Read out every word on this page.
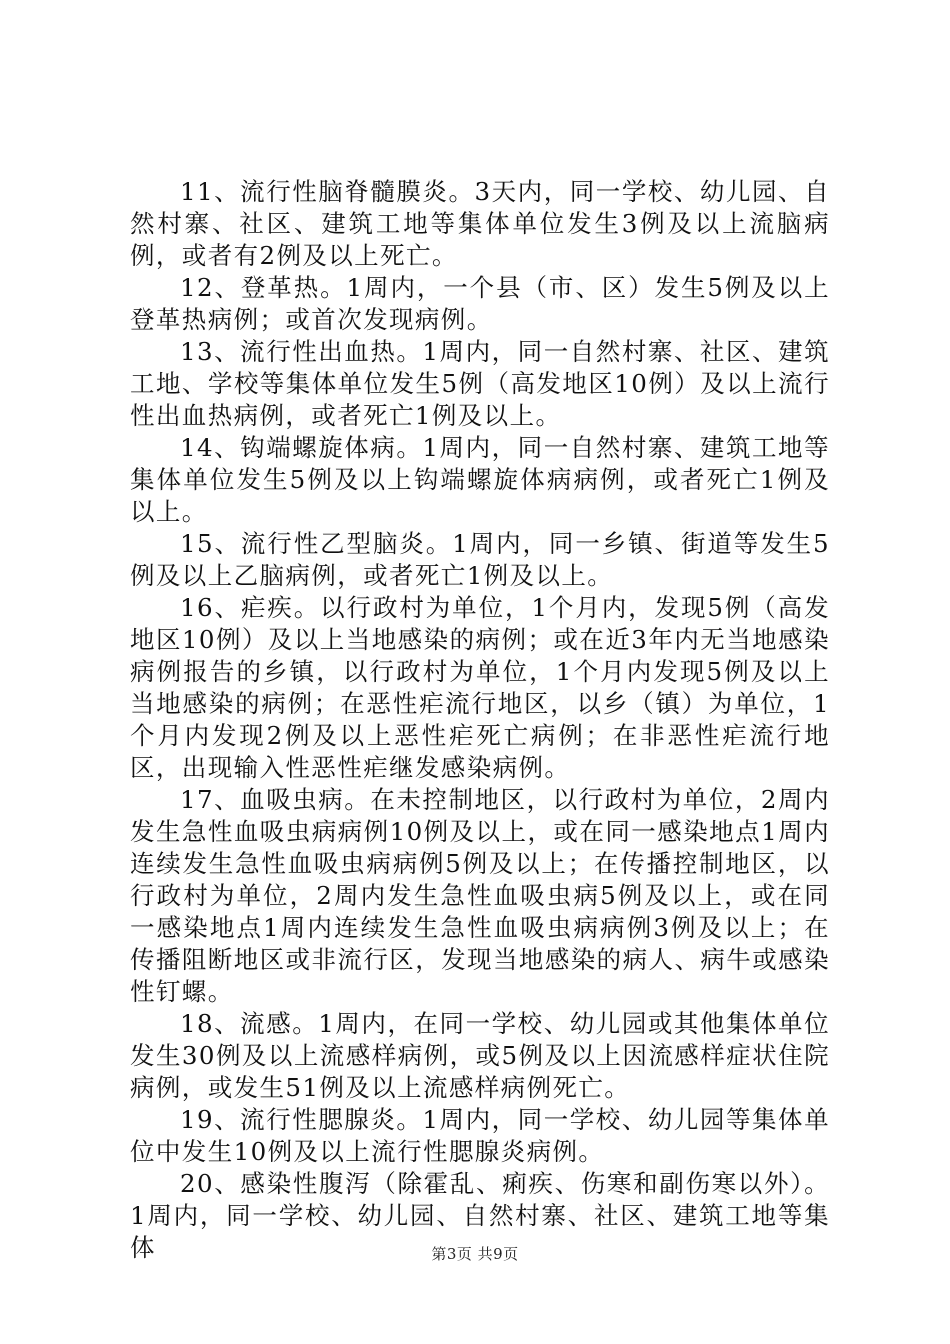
11、流行性脑脊髓膜炎。3天内，同一学校、幼儿园、自然村寨、社区、建筑工地等集体单位发生3例及以上流脑病例，或者有2例及以上死亡。

12、登革热。1周内，一个县（市、区）发生5例及以上登革热病例；或首次发现病例。

13、流行性出血热。1周内，同一自然村寨、社区、建筑工地、学校等集体单位发生5例（高发地区10例）及以上流行性出血热病例，或者死亡1例及以上。

14、钩端螺旋体病。1周内，同一自然村寨、建筑工地等集体单位发生5例及以上钩端螺旋体病病例，或者死亡1例及以上。

15、流行性乙型脑炎。1周内，同一乡镇、街道等发生5例及以上乙脑病例，或者死亡1例及以上。

16、疟疾。以行政村为单位，1个月内，发现5例（高发地区10例）及以上当地感染的病例；或在近3年内无当地感染病例报告的乡镇，以行政村为单位，1个月内发现5例及以上当地感染的病例；在恶性疟流行地区，以乡（镇）为单位，1个月内发现2例及以上恶性疟死亡病例；在非恶性疟流行地区，出现输入性恶性疟继发感染病例。

17、血吸虫病。在未控制地区，以行政村为单位，2周内发生急性血吸虫病病例10例及以上，或在同一感染地点1周内连续发生急性血吸虫病病例5例及以上；在传播控制地区，以行政村为单位，2周内发生急性血吸虫病5例及以上，或在同一感染地点1周内连续发生急性血吸虫病病例3例及以上；在传播阻断地区或非流行区，发现当地感染的病人、病牛或感染性钉螺。

18、流感。1周内，在同一学校、幼儿园或其他集体单位发生30例及以上流感样病例，或5例及以上因流感样症状住院病例，或发生51例及以上流感样病例死亡。

19、流行性腮腺炎。1周内，同一学校、幼儿园等集体单位中发生10例及以上流行性腮腺炎病例。

20、感染性腹泻（除霍乱、痢疾、伤寒和副伤寒以外）。1周内，同一学校、幼儿园、自然村寨、社区、建筑工地等集体	第3页 共9页
